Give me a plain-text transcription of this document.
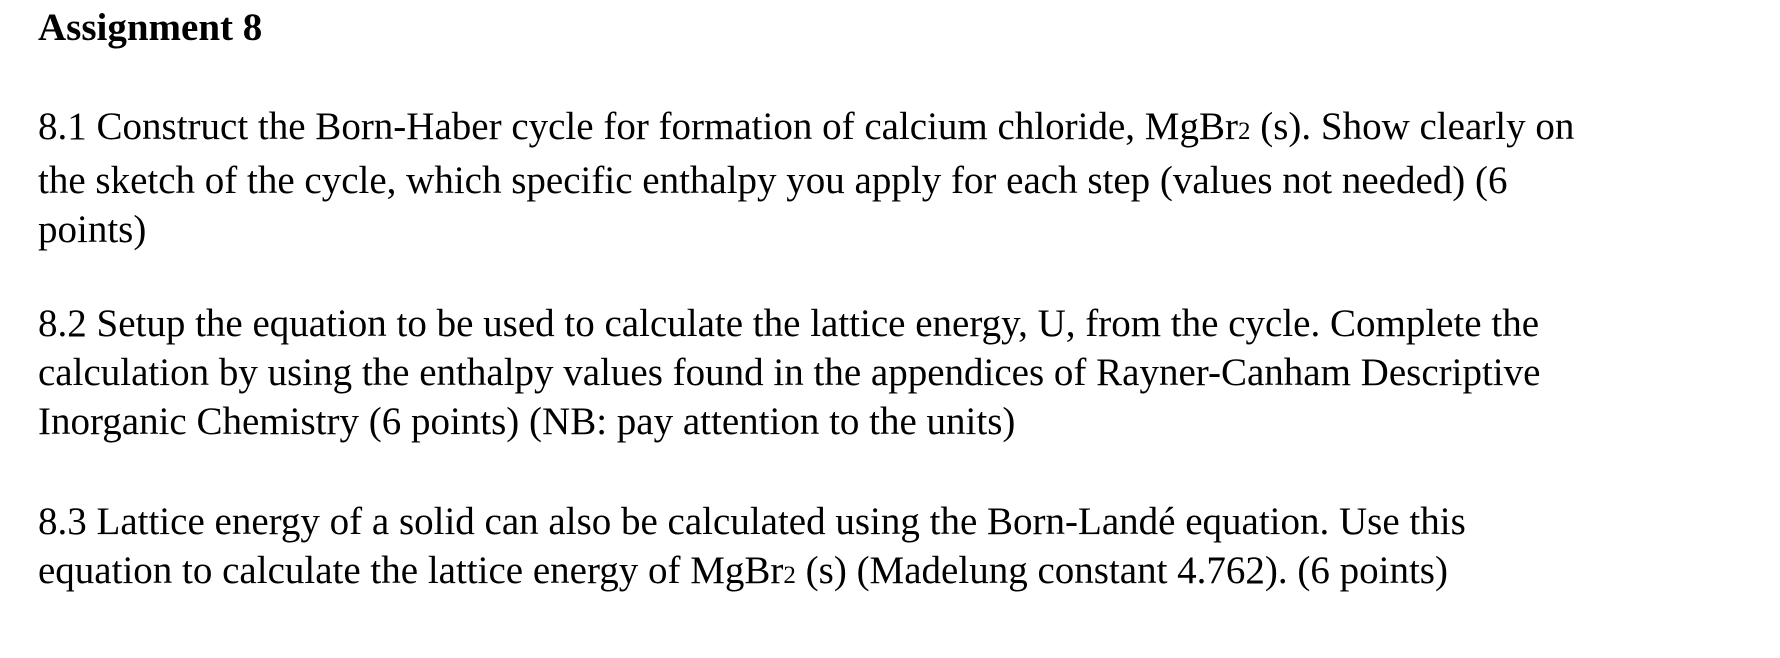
Assignment 8
8.1 Construct the Born-Haber cycle for formation of calcium chloride, MgBr2 (s). Show clearly on
the sketch of the cycle, which specific enthalpy you apply for each step (values not needed) (6
points)
8.2 Setup the equation to be used to calculate the lattice energy, U, from the cycle. Complete the
calculation by using the enthalpy values found in the appendices of Rayner-Canham Descriptive
Inorganic Chemistry (6 points) (NB: pay attention to the units)
8.3 Lattice energy of a solid can also be calculated using the Born-Landé equation. Use this
equation to calculate the lattice energy of MgBr2 (s) (Madelung constant 4.762). (6 points)
